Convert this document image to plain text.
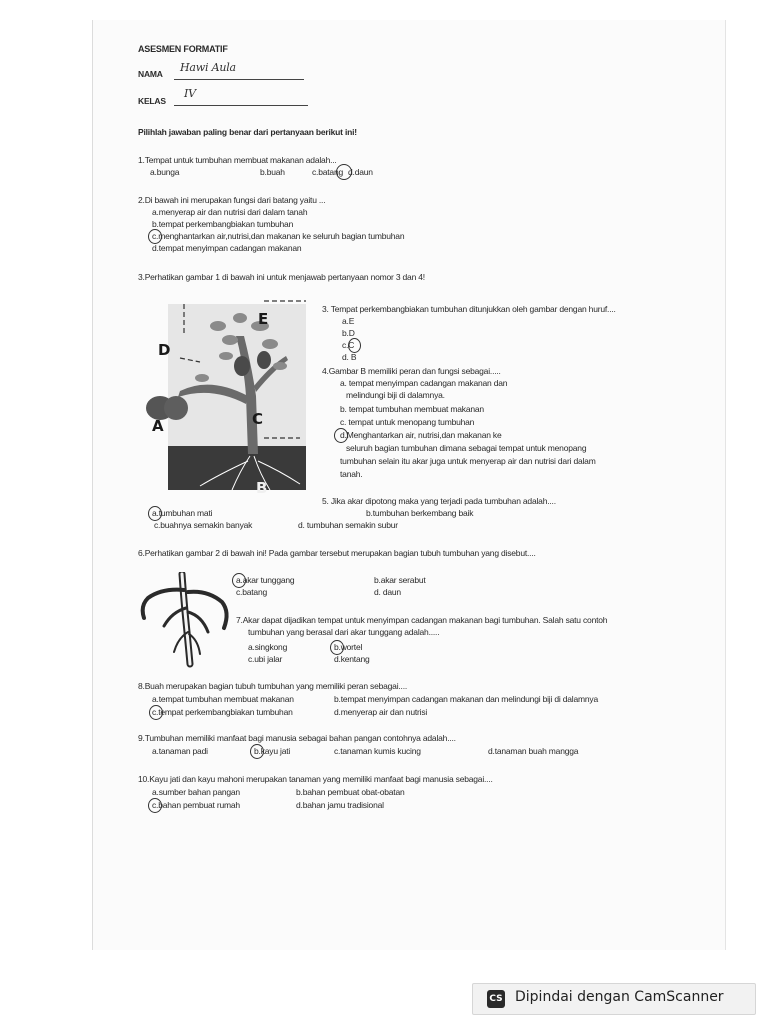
ASESMEN FORMATIF
NAMA Hawi Aula
KELAS
IV
Pilihlah jawaban paling benar dari pertanyaan berikut ini!
1.Tempat untuk tumbuhan membuat makanan adalah...
a.bunga	b.buah	c.batang d.daun
2.Di bawah ini merupakan fungsi dari batang yaitu ...
a.menyerap air dan nutrisi dari dalam tanah
b.tempat perkembangbiakan tumbuhan
c.menghantarkan air,nutrisi,dan makanan ke seluruh bagian tumbuhan
d.tempat menyimpan cadangan makanan
3.Perhatikan gambar 1 di bawah ini untuk menjawab pertanyaan nomor 3 dan 4!
D
E
A	C
B
3. Tempat perkembangbiakan tumbuhan ditunjukkan oleh gambar dengan huruf....
a.E
b.D
c.C
d. B
4.Gambar B memiliki peran dan fungsi sebagai.....
a. tempat menyimpan cadangan makanan dan
melindungi biji di dalamnya.
b. tempat tumbuhan membuat makanan
c. tempat untuk menopang tumbuhan
d.Menghantarkan air, nutrisi,dan makanan ke
seluruh bagian tumbuhan dimana sebagai tempat untuk menopang
tumbuhan selain itu akar juga untuk menyerap air dan nutrisi dari dalam
tanah.
5. Jika akar dipotong maka yang terjadi pada tumbuhan adalah....
a.tumbuhan mati	b.tumbuhan berkembang baik
c.buahnya semakin banyak	d. tumbuhan semakin subur
6.Perhatikan gambar 2 di bawah ini! Pada gambar tersebut merupakan bagian tubuh tumbuhan yang disebut....
a.akar tunggang	b.akar serabut
c.batang	d. daun
7.Akar dapat dijadikan tempat untuk menyimpan cadangan makanan bagi tumbuhan. Salah satu contoh
tumbuhan yang berasal dari akar tunggang adalah.....
a.singkong	b.wortel
c.ubi jalar	d.kentang
8.Buah merupakan bagian tubuh tumbuhan yang memiliki peran sebagai....
a.tempat tumbuhan membuat makanan	b.tempat menyimpan cadangan makanan dan melindungi biji di dalamnya
c.tempat perkembangbiakan tumbuhan	d.menyerap air dan nutrisi
9.Tumbuhan memiliki manfaat bagi manusia sebagai bahan pangan contohnya adalah....
a.tanaman padi	b.kayu jati	c.tanaman kumis kucing	d.tanaman buah mangga
10.Kayu jati dan kayu mahoni merupakan tanaman yang memiliki manfaat bagi manusia sebagai....
a.sumber bahan pangan	b.bahan pembuat obat-obatan
c.bahan pembuat rumah	d.bahan jamu tradisional
CS Dipindai dengan CamScanner
